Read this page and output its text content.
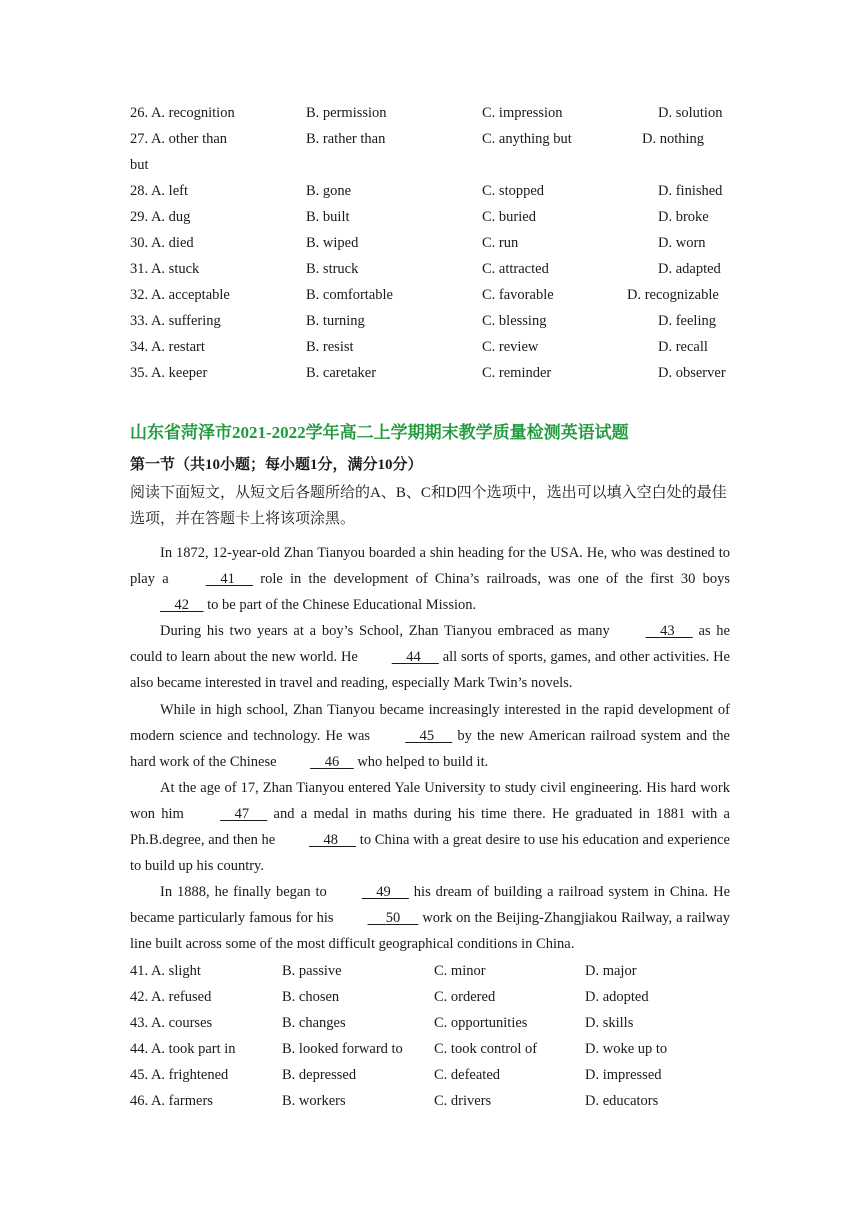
26. A. recognition	B. permission	C. impression	D. solution
27. A. other than	B. rather than	C. anything but	D. nothing
but
28. A. left	B. gone	C. stopped	D. finished
29. A. dug	B. built	C. buried	D. broke
30. A. died	B. wiped	C. run	D. worn
31. A. stuck	B. struck	C. attracted	D. adapted
32. A. acceptable	B. comfortable	C. favorable	D. recognizable
33. A. suffering	B. turning	C. blessing	D. feeling
34. A. restart	B. resist	C. review	D. recall
35. A. keeper	B. caretaker	C. reminder	D. observer
山东省菏泽市2021-2022学年高二上学期期末教学质量检测英语试题
第一节（共10小题；每小题1分，满分10分）
阅读下面短文，从短文后各题所给的A、B、C和D四个选项中，选出可以填入空白处的最佳选项，并在答题卡上将该项涂黑。

In 1872, 12-year-old Zhan Tianyou boarded a shin heading for the USA. He, who was destined to play a	41      role in the development of China’s railroads, was one of the first 30 boys     42     to be part of the Chinese Educational Mission.

During his two years at a boy’s School, Zhan Tianyou embraced as many	43      as he could to learn about the new world. He	44      all sorts of sports, games, and other activities. He also became interested in travel and reading, especially Mark Twin’s novels.

While in high school, Zhan Tianyou became increasingly interested in the rapid development of modern science and technology. He was	45      by the new American railroad system and the hard work of the Chinese	46     who helped to build it.

At the age of 17, Zhan Tianyou entered Yale University to study civil engineering. His hard work won him	47      and a medal in maths during his time there. He graduated in 1881 with a Ph.B.degree, and then he	48      to China with a great desire to use his education and experience to build up his country.

In 1888, he finally began to	49      his dream of building a railroad system in China. He became particularly famous for his	50      work on the Beijing-Zhangjiakou Railway, a railway line built across some of the most difficult geographical conditions in China.

41. A. slight	B. passive	C. minor	D. major
42. A. refused	B. chosen	C. ordered	D. adopted
43. A. courses	B. changes	C. opportunities	D. skills
44. A. took part in	B. looked forward to C. took control of	D. woke up to
45. A. frightened	B. depressed	C. defeated	D. impressed
46. A. farmers	B. workers	C. drivers	D. educators
